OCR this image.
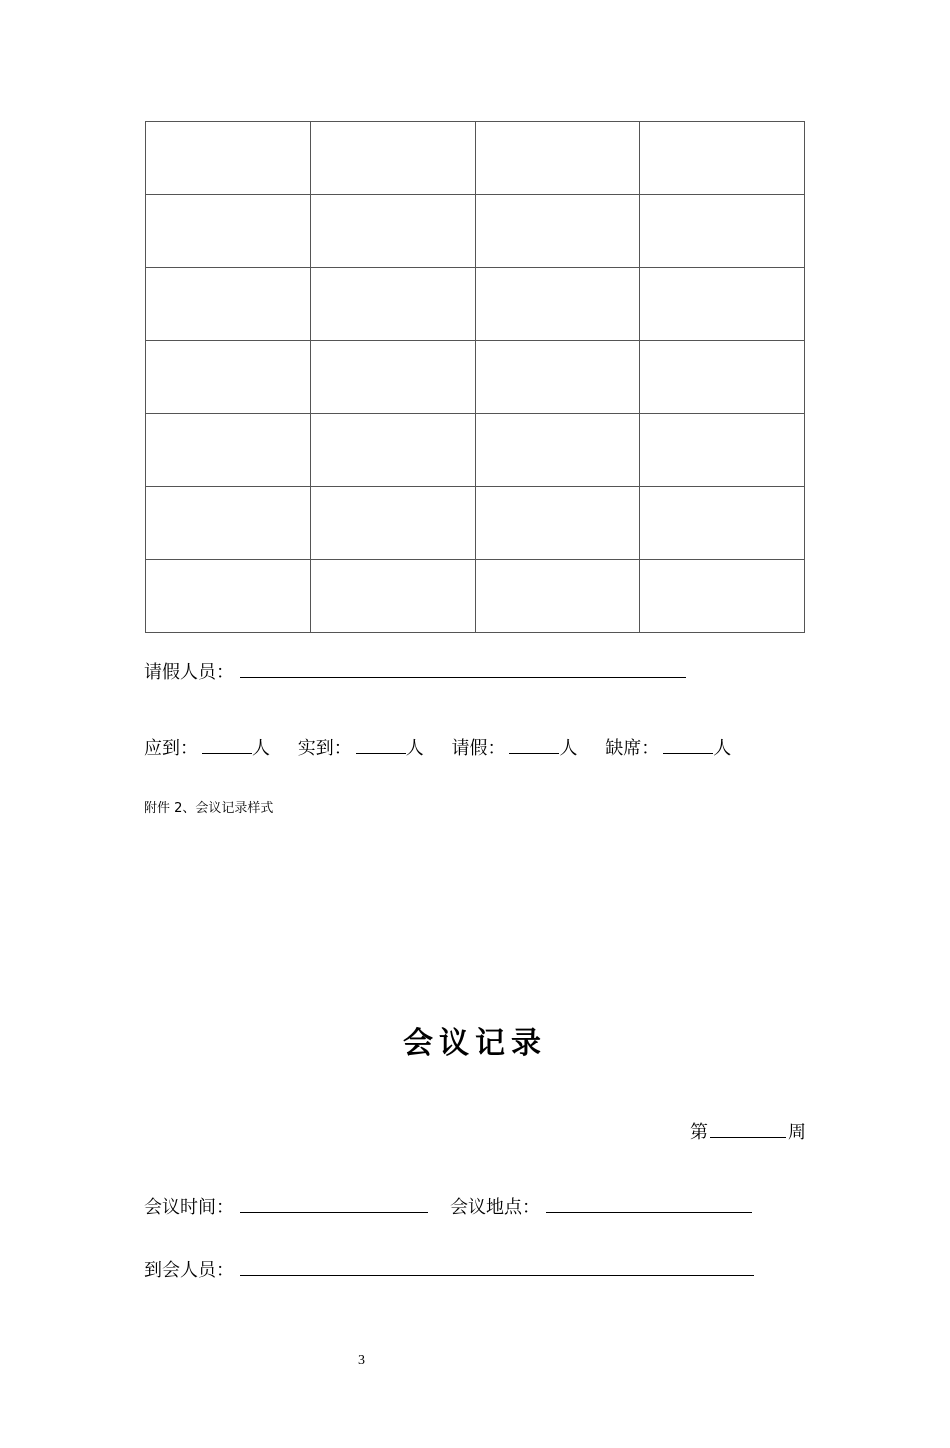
请假人员：
应到：	人 实到：	人 请假：	人 缺席：	人
附件 2、会议记录样式
会议记录
第	周
会议时间：	会议地点：
到会人员：
3
